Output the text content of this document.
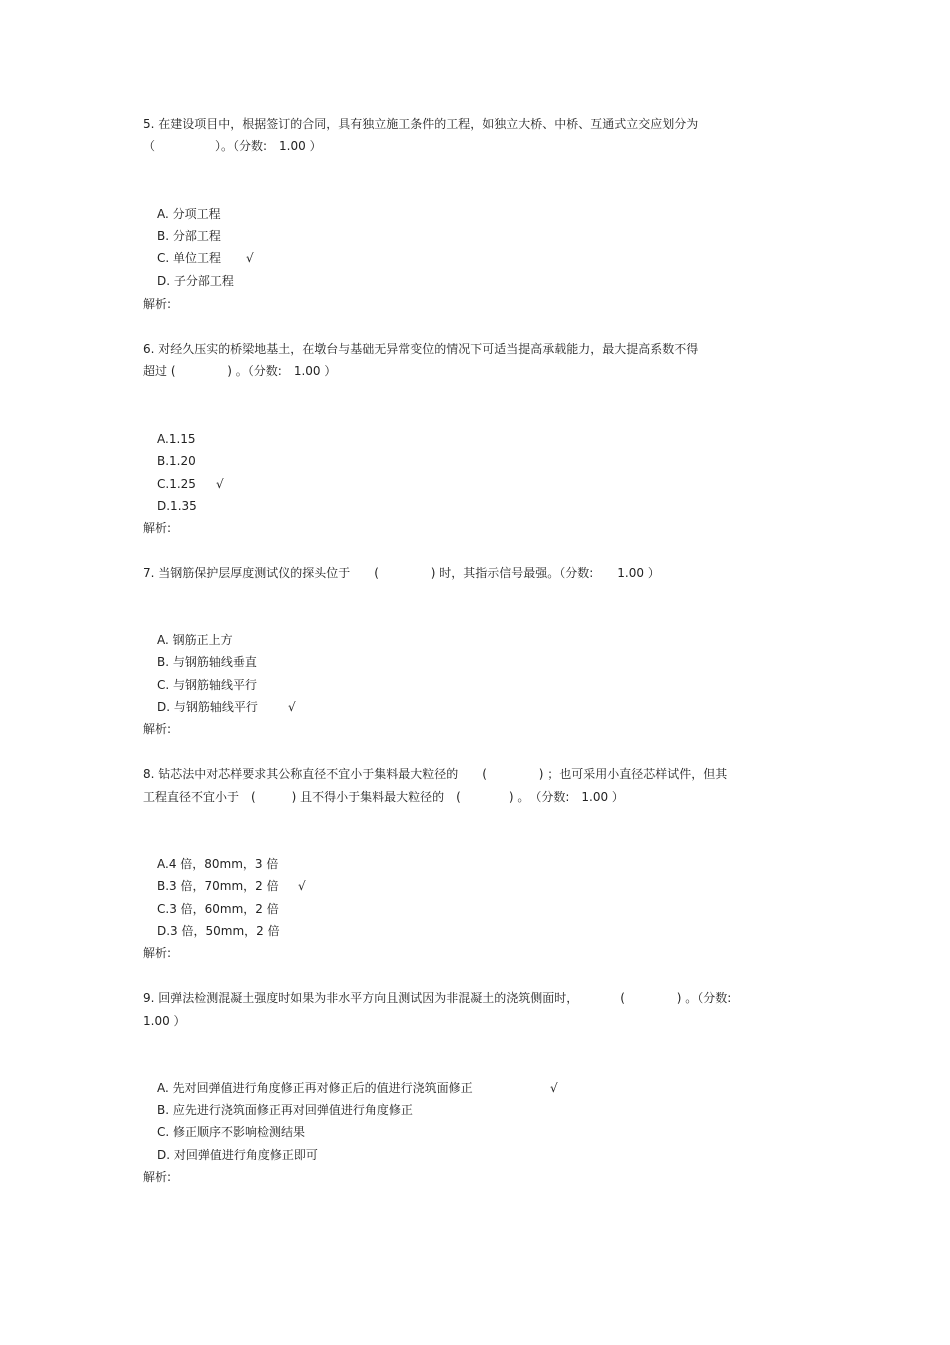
5. 在建设项目中，根据签订的合同，具有独立施工条件的工程，如独立大桥、中桥、互通式立交应划分为
（　　　　　）。（分数:　1.00 ）
A. 分项工程
B. 分部工程
C. 单位工程 √
D. 子分部工程
解析:
6. 对经久压实的桥梁地基土，在墩台与基础无异常变位的情况下可适当提高承载能力，最大提高系数不得
超过 (　　　　 ) 。（分数:　1.00 ）
A.1.15
B.1.20
C.1.25 √
D.1.35
解析:
7. 当钢筋保护层厚度测试仪的探头位于　　(　　　　 ) 时，其指示信号最强。（分数:　　1.00 ）
A. 钢筋正上方
B. 与钢筋轴线垂直
C. 与钢筋轴线平行
D. 与钢筋轴线平行	√
解析:
8. 钻芯法中对芯样要求其公称直径不宜小于集料最大粒径的　　(　　　　 ) ；也可采用小直径芯样试件，但其
工程直径不宜小于　(　　　) 且不得小于集料最大粒径的　(　　　　) 。　（分数:　1.00 ）
A.4 倍，80mm，3 倍
B.3 倍，70mm，2 倍 √
C.3 倍，60mm，2 倍
D.3 倍，50mm，2 倍
解析:
9. 回弹法检测混凝土强度时如果为非水平方向且测试因为非混凝土的浇筑侧面时，　　　　(　　　　 ) 。（分数:
1.00 ）
A. 先对回弹值进行角度修正再对修正后的值进行浇筑面修正	√
B. 应先进行浇筑面修正再对回弹值进行角度修正
C. 修正顺序不影响检测结果
D. 对回弹值进行角度修正即可
解析:
